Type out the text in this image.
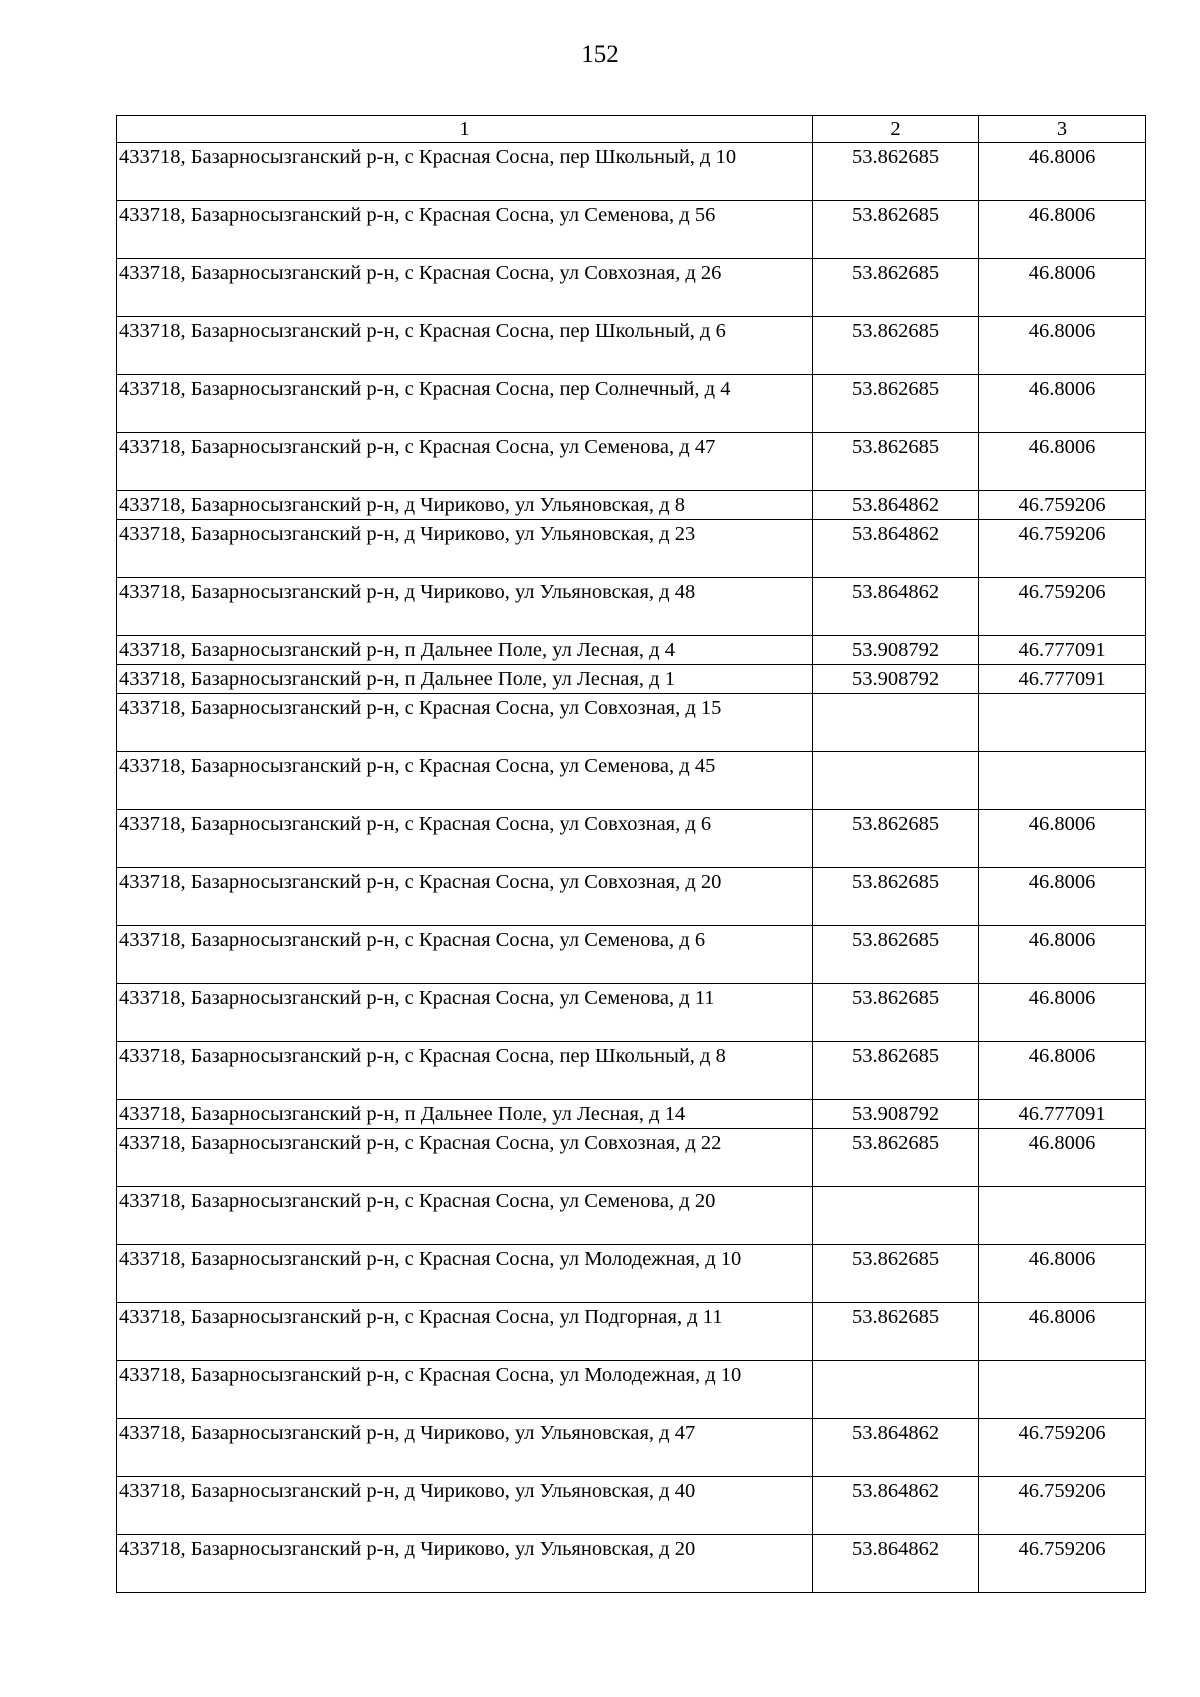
152
1	2	3
433718, Базарносызганский р-н, с Красная Сосна, пер Школьный, д 10	53.862685	46.8006
433718, Базарносызганский р-н, с Красная Сосна, ул Семенова, д 56	53.862685	46.8006
433718, Базарносызганский р-н, с Красная Сосна, ул Совхозная, д 26	53.862685	46.8006
433718, Базарносызганский р-н, с Красная Сосна, пер Школьный, д 6	53.862685	46.8006
433718, Базарносызганский р-н, с Красная Сосна, пер Солнечный, д 4	53.862685	46.8006
433718, Базарносызганский р-н, с Красная Сосна, ул Семенова, д 47	53.862685	46.8006
433718, Базарносызганский р-н, д Чириково, ул Ульяновская, д 8	53.864862	46.759206
433718, Базарносызганский р-н, д Чириково, ул Ульяновская, д 23	53.864862	46.759206
433718, Базарносызганский р-н, д Чириково, ул Ульяновская, д 48	53.864862	46.759206
433718, Базарносызганский р-н, п Дальнее Поле, ул Лесная, д 4	53.908792	46.777091
433718, Базарносызганский р-н, п Дальнее Поле, ул Лесная, д 1	53.908792	46.777091
433718, Базарносызганский р-н, с Красная Сосна, ул Совхозная, д 15		
433718, Базарносызганский р-н, с Красная Сосна, ул Семенова, д 45		
433718, Базарносызганский р-н, с Красная Сосна, ул Совхозная, д 6	53.862685	46.8006
433718, Базарносызганский р-н, с Красная Сосна, ул Совхозная, д 20	53.862685	46.8006
433718, Базарносызганский р-н, с Красная Сосна, ул Семенова, д 6	53.862685	46.8006
433718, Базарносызганский р-н, с Красная Сосна, ул Семенова, д 11	53.862685	46.8006
433718, Базарносызганский р-н, с Красная Сосна, пер Школьный, д 8	53.862685	46.8006
433718, Базарносызганский р-н, п Дальнее Поле, ул Лесная, д 14	53.908792	46.777091
433718, Базарносызганский р-н, с Красная Сосна, ул Совхозная, д 22	53.862685	46.8006
433718, Базарносызганский р-н, с Красная Сосна, ул Семенова, д 20		
433718, Базарносызганский р-н, с Красная Сосна, ул Молодежная, д 10	53.862685	46.8006
433718, Базарносызганский р-н, с Красная Сосна, ул Подгорная, д 11	53.862685	46.8006
433718, Базарносызганский р-н, с Красная Сосна, ул Молодежная, д 10		
433718, Базарносызганский р-н, д Чириково, ул Ульяновская, д 47	53.864862	46.759206
433718, Базарносызганский р-н, д Чириково, ул Ульяновская, д 40	53.864862	46.759206
433718, Базарносызганский р-н, д Чириково, ул Ульяновская, д 20	53.864862	46.759206
